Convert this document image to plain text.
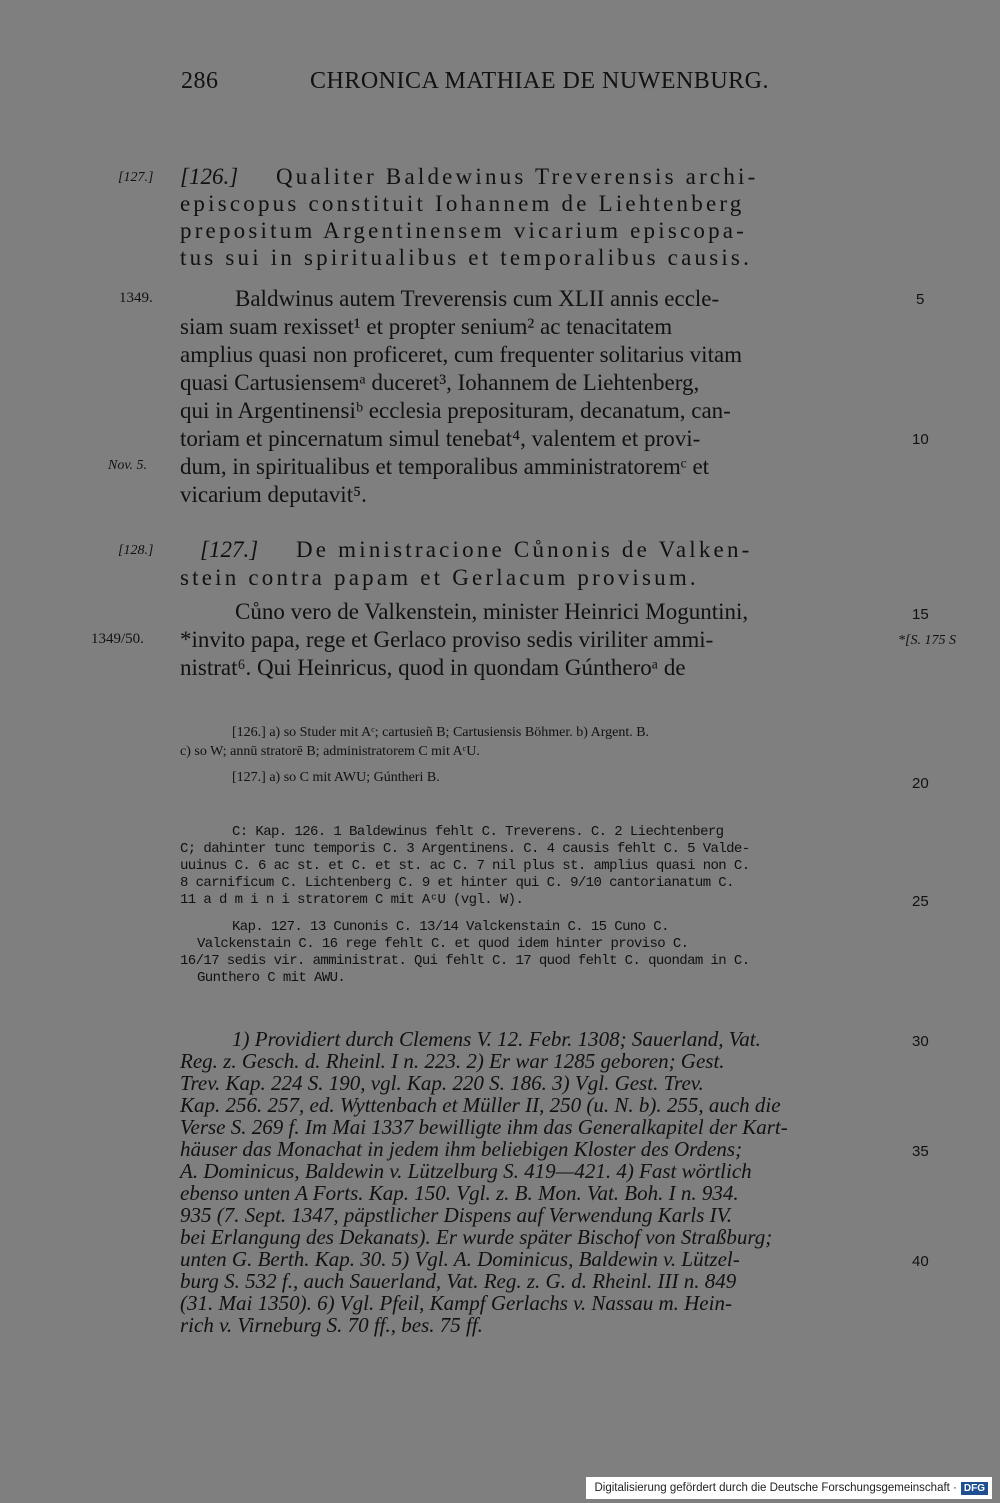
286	CHRONICA MATHIAE DE NUWENBURG.
[127.] [126.] Qualiter Baldewinus Treverensis archi-
episcopus constituit Iohannem de Liehtenberg
prepositum Argentinensem vicarium episcopa-
tus sui in spiritualibus et temporalibus causis.
1349.	Baldwinus autem Treverensis cum XLII annis eccle-
siam suam rexisset¹ et propter senium² ac tenacitatem
amplius quasi non proficeret, cum frequenter solitarius vitam
quasi Cartusiensemᵃ duceret³, Iohannem de Liehtenberg,
qui in Argentinensiᵇ ecclesia preposituram, decanatum, can-
toriam et pincernatum simul tenebat⁴, valentem et provi-
Nov. 5. dum, in spiritualibus et temporalibus amministratoremᶜ et
vicarium deputavit⁵.
[128.] [127.] De ministracione Cůnonis de Valken-
stein contra papam et Gerlacum provisum.
Cůno vero de Valkenstein, minister Heinrici Moguntini,
1349/50. *invito papa, rege et Gerlaco proviso sedis viriliter ammi-	*[S. 175 S
nistrat⁶. Qui Heinricus, quod in quondam Gúntheroᵃ de
5
10
15
20
25
30
35
40
[126.] a) so Studer mit Aᶜ; cartusieñ B; Cartusiensis Böhmer. b) Argent. B.
c) so W; annū stratorē B; administratorem C mit AᶜU.
[127.] a) so C mit AWU; Gúntheri B.
C: Kap. 126. 1 Baldewinus fehlt C. Treverens. C. 2 Liechtenberg
C; dahinter tunc temporis C. 3 Argentinens. C. 4 causis fehlt C. 5 Valde-
uuinus C. 6 ac st. et C. et st. ac C. 7 nil plus st. amplius quasi non C.
8 carnificum C. Lichtenberg C. 9 et hinter qui C. 9/10 cantorianatum C.
11 a d m i n i stratorem C mit AᶜU (vgl. W).
Kap. 127. 13 Cunonis C. 13/14 Valckenstain C. 15 Cuno C.
Valckenstain C. 16 rege fehlt C. et quod idem hinter proviso C.
16/17 sedis vir. amministrat. Qui fehlt C. 17 quod fehlt C. quondam in C.
Gunthero C mit AWU.
1) Providiert durch Clemens V. 12. Febr. 1308; Sauerland, Vat.
Reg. z. Gesch. d. Rheinl. I n. 223. 2) Er war 1285 geboren; Gest.
Trev. Kap. 224 S. 190, vgl. Kap. 220 S. 186. 3) Vgl. Gest. Trev.
Kap. 256. 257, ed. Wyttenbach et Müller II, 250 (u. N. b). 255, auch die
Verse S. 269 f. Im Mai 1337 bewilligte ihm das Generalkapitel der Kart-
häuser das Monachat in jedem ihm beliebigen Kloster des Ordens;
A. Dominicus, Baldewin v. Lützelburg S. 419—421. 4) Fast wörtlich
ebenso unten A Forts. Kap. 150. Vgl. z. B. Mon. Vat. Boh. I n. 934.
935 (7. Sept. 1347, päpstlicher Dispens auf Verwendung Karls IV.
bei Erlangung des Dekanats). Er wurde später Bischof von Straßburg;
unten G. Berth. Kap. 30. 5) Vgl. A. Dominicus, Baldewin v. Lützel-
burg S. 532 f., auch Sauerland, Vat. Reg. z. G. d. Rheinl. III n. 849
(31. Mai 1350). 6) Vgl. Pfeil, Kampf Gerlachs v. Nassau m. Hein-
rich v. Virneburg S. 70 ff., bes. 75 ff.
Digitalisierung gefördert durch die Deutsche Forschungsgemeinschaft · DFG
